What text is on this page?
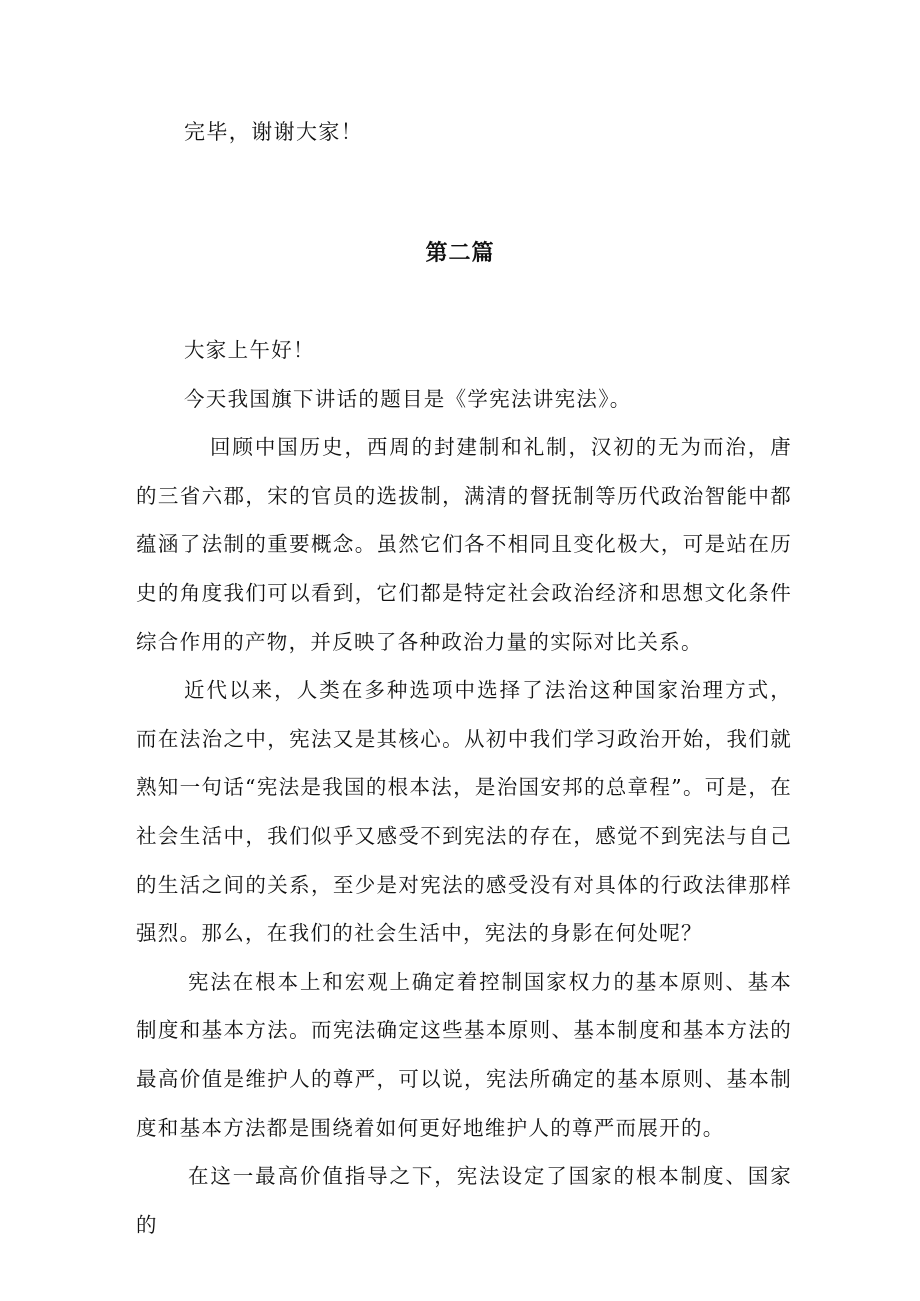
完毕，谢谢大家！

第二篇

大家上午好！

今天我国旗下讲话的题目是《学宪法讲宪法》。

回顾中国历史，西周的封建制和礼制，汉初的无为而治，唐的三省六郡，宋的官员的选拔制，满清的督抚制等历代政治智能中都蕴涵了法制的重要概念。虽然它们各不相同且变化极大，可是站在历史的角度我们可以看到，它们都是特定社会政治经济和思想文化条件综合作用的产物，并反映了各种政治力量的实际对比关系。

近代以来，人类在多种选项中选择了法治这种国家治理方式，而在法治之中，宪法又是其核心。从初中我们学习政治开始，我们就熟知一句话“宪法是我国的根本法，是治国安邦的总章程”。可是，在社会生活中，我们似乎又感受不到宪法的存在，感觉不到宪法与自己的生活之间的关系，至少是对宪法的感受没有对具体的行政法律那样强烈。那么，在我们的社会生活中，宪法的身影在何处呢？

宪法在根本上和宏观上确定着控制国家权力的基本原则、基本制度和基本方法。而宪法确定这些基本原则、基本制度和基本方法的最高价值是维护人的尊严，可以说，宪法所确定的基本原则、基本制度和基本方法都是围绕着如何更好地维护人的尊严而展开的。

在这一最高价值指导之下，宪法设定了国家的根本制度、国家的
